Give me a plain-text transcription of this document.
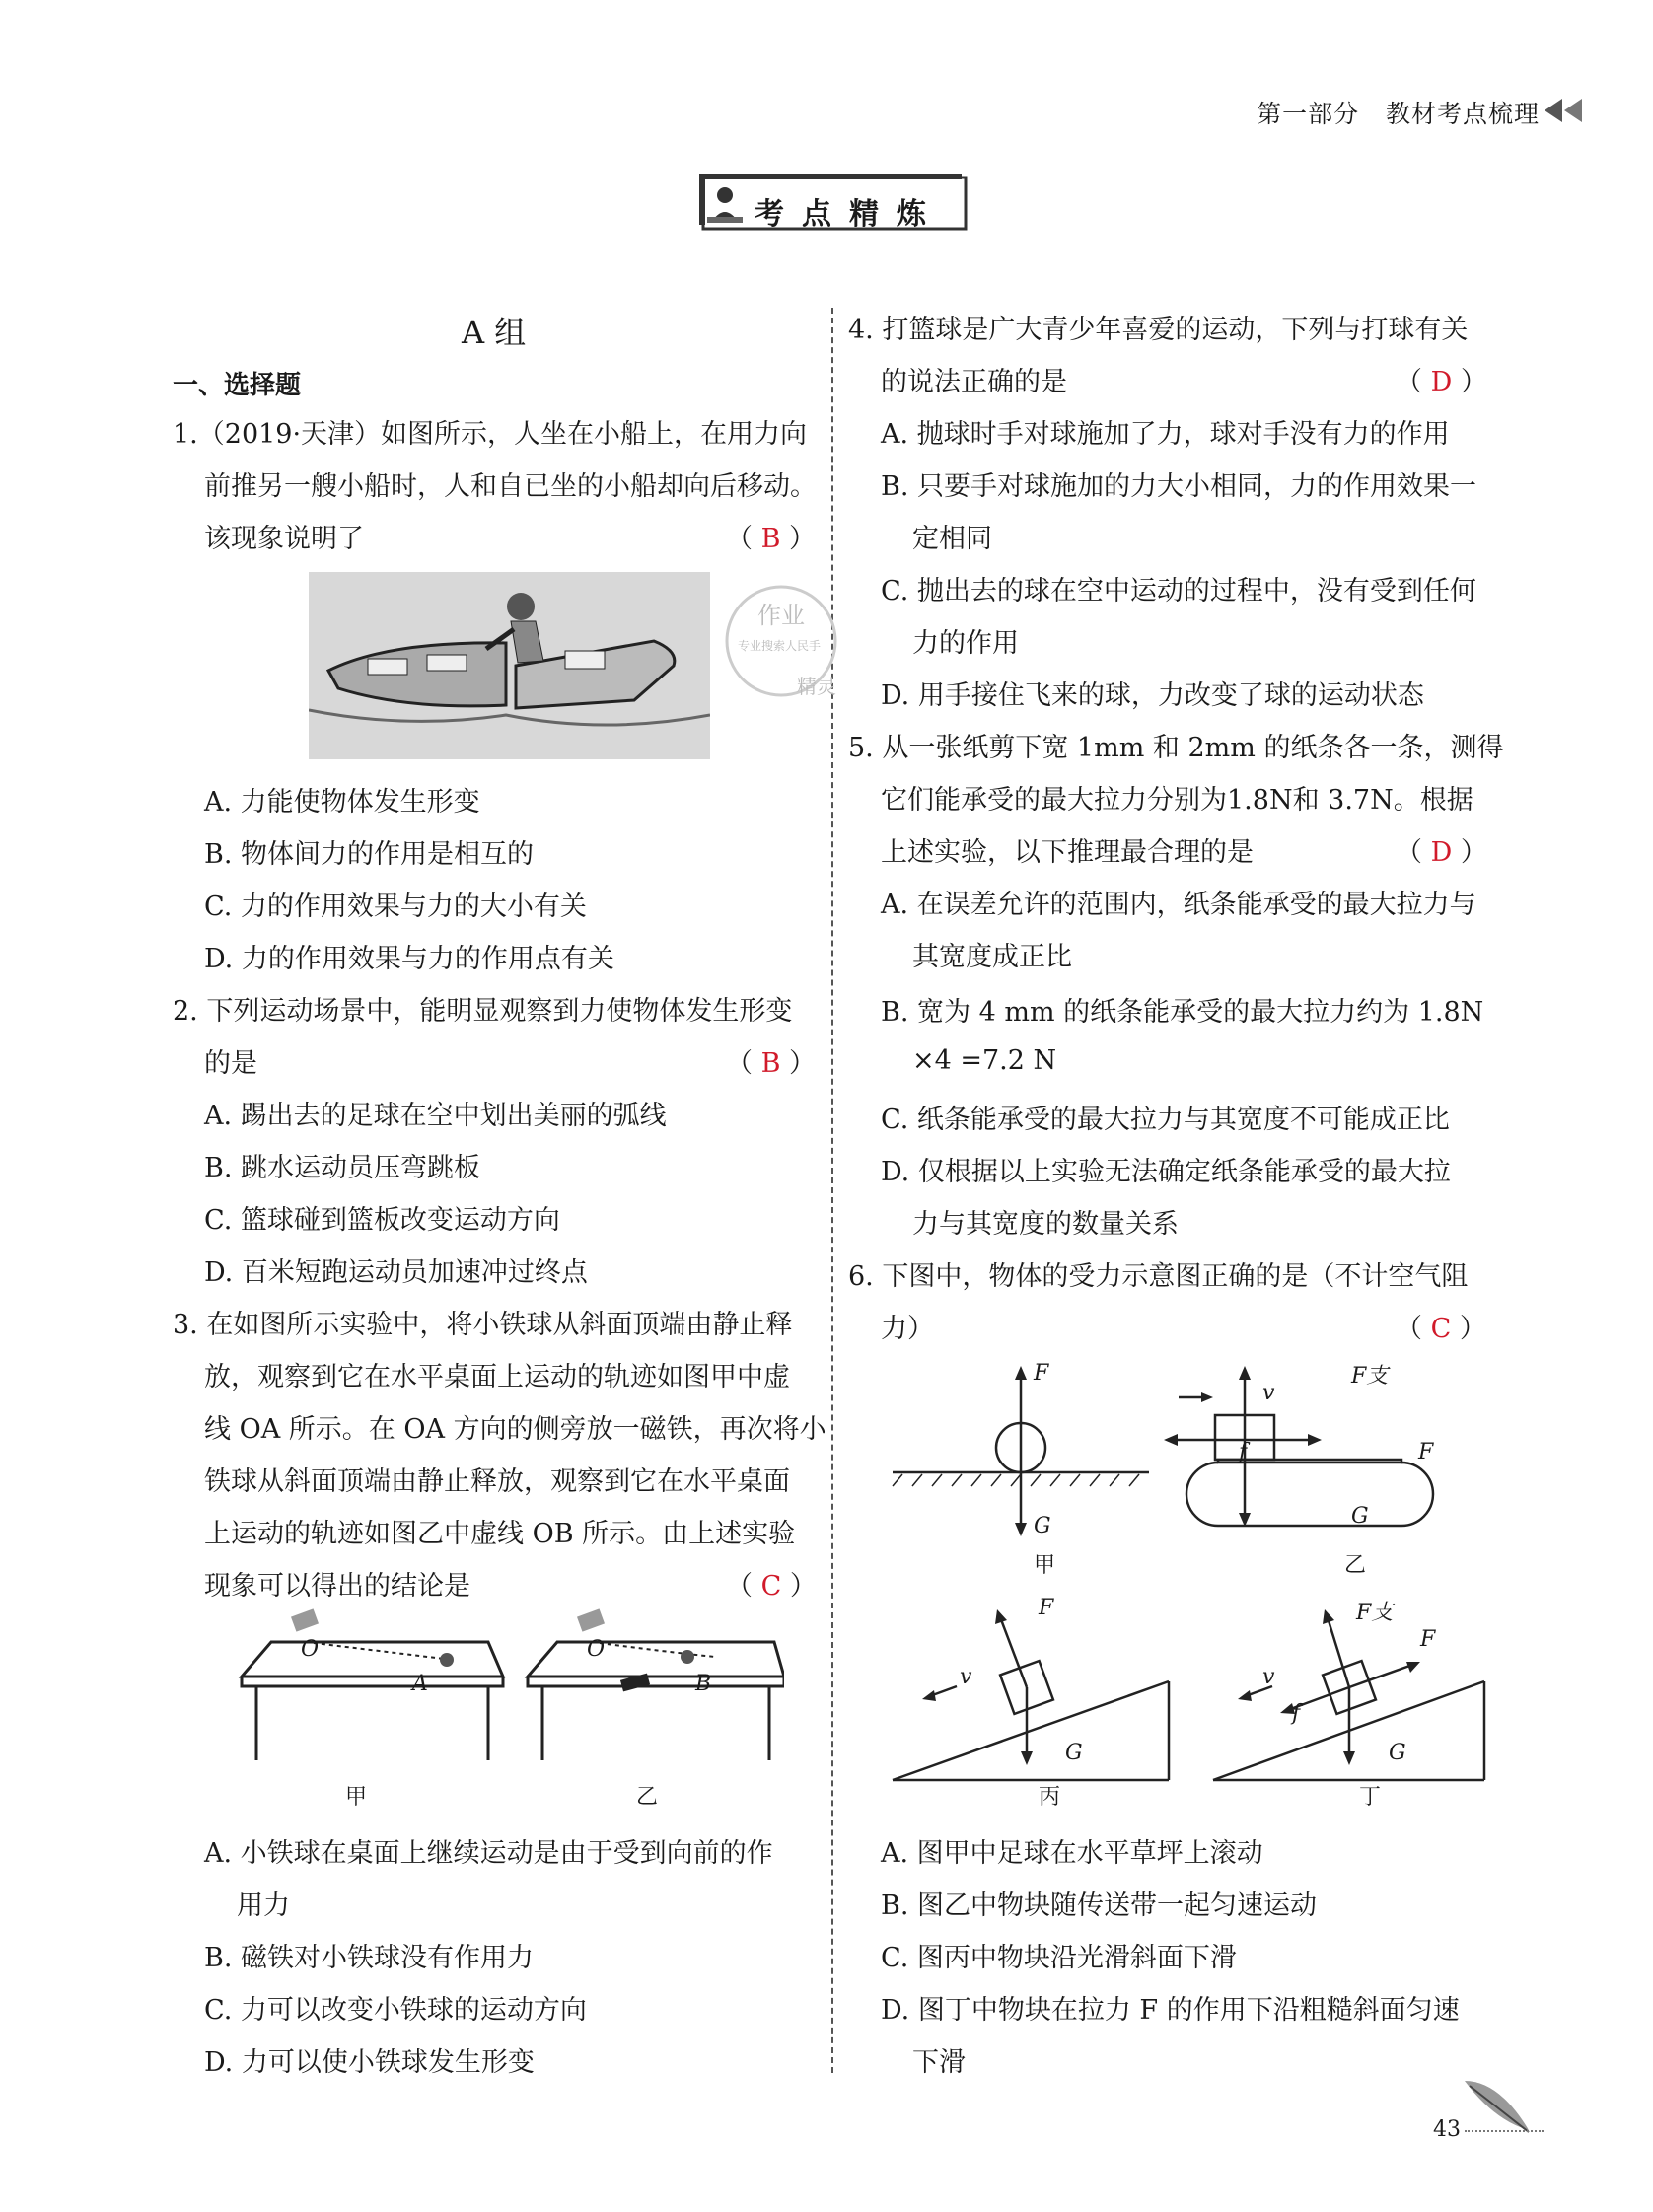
第一部分 教材考点梳理
考点精炼
A 组
一、选择题
1.（2019·天津）如图所示，人坐在小船上，在用力向
前推另一艘小船时，人和自已坐的小船却向后移动。
该现象说明了	（ B ）
作业
专业搜索人民手
精灵
A. 力能使物体发生形变
B. 物体间力的作用是相互的
C. 力的作用效果与力的大小有关
D. 力的作用效果与力的作用点有关
2. 下列运动场景中，能明显观察到力使物体发生形变
的是	（ B ）
A. 踢出去的足球在空中划出美丽的弧线
B. 跳水运动员压弯跳板
C. 篮球碰到篮板改变运动方向
D. 百米短跑运动员加速冲过终点
3. 在如图所示实验中，将小铁球从斜面顶端由静止释
放，观察到它在水平桌面上运动的轨迹如图甲中虚
线 OA 所示。在 OA 方向的侧旁放一磁铁，再次将小
铁球从斜面顶端由静止释放，观察到它在水平桌面
上运动的轨迹如图乙中虚线 OB 所示。由上述实验
现象可以得出的结论是	（ C ）
O
A
O
B
甲	乙
A. 小铁球在桌面上继续运动是由于受到向前的作
用力
B. 磁铁对小铁球没有作用力
C. 力可以改变小铁球的运动方向
D. 力可以使小铁球发生形变
4. 打篮球是广大青少年喜爱的运动，下列与打球有关
的说法正确的是	（ D ）
A. 抛球时手对球施加了力，球对手没有力的作用
B. 只要手对球施加的力大小相同，力的作用效果一
定相同
C. 抛出去的球在空中运动的过程中，没有受到任何
力的作用
D. 用手接住飞来的球，力改变了球的运动状态
5. 从一张纸剪下宽 1mm 和 2mm 的纸条各一条，测得
它们能承受的最大拉力分别为1.8N和 3.7N。根据
上述实验，以下推理最合理的是	（ D ）
A. 在误差允许的范围内，纸条能承受的最大拉力与
其宽度成正比
B. 宽为 4 mm 的纸条能承受的最大拉力约为 1.8N
×4 =7.2 N
C. 纸条能承受的最大拉力与其宽度不可能成正比
D. 仅根据以上实验无法确定纸条能承受的最大拉
力与其宽度的数量关系
6. 下图中，物体的受力示意图正确的是（不计空气阻
力）	（ C ）
F
G
v
F支
f	F
G
F
v
G
F支
F
v
f
G
甲	乙
丙	丁
A. 图甲中足球在水平草坪上滚动
B. 图乙中物块随传送带一起匀速运动
C. 图丙中物块沿光滑斜面下滑
D. 图丁中物块在拉力 F 的作用下沿粗糙斜面匀速
下滑
43
